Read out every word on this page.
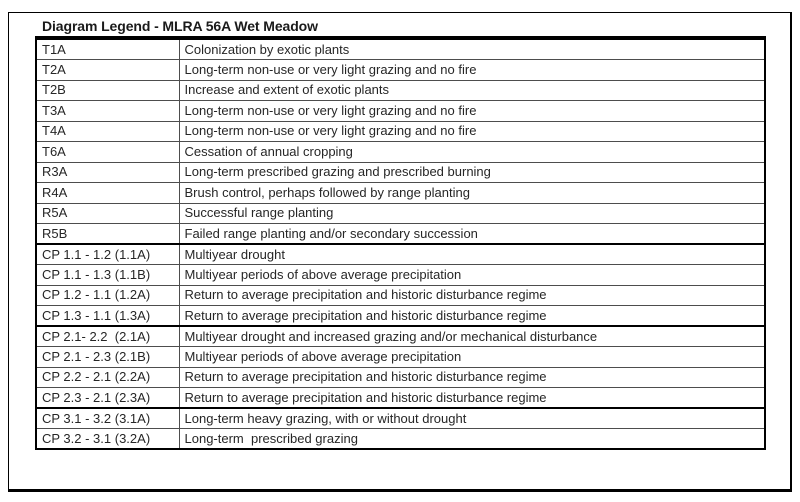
Diagram Legend - MLRA 56A Wet Meadow
T1A	Colonization by exotic plants
T2A	Long-term non-use or very light grazing and no fire
T2B	Increase and extent of exotic plants
T3A	Long-term non-use or very light grazing and no fire
T4A	Long-term non-use or very light grazing and no fire
T6A	Cessation of annual cropping
R3A	Long-term prescribed grazing and prescribed burning
R4A	Brush control, perhaps followed by range planting
R5A	Successful range planting
R5B	Failed range planting and/or secondary succession
CP 1.1 - 1.2 (1.1A)	Multiyear drought
CP 1.1 - 1.3 (1.1B)	Multiyear periods of above average precipitation
CP 1.2 - 1.1 (1.2A)	Return to average precipitation and historic disturbance regime
CP 1.3 - 1.1 (1.3A)	Return to average precipitation and historic disturbance regime
CP 2.1- 2.2  (2.1A)	Multiyear drought and increased grazing and/or mechanical disturbance
CP 2.1 - 2.3 (2.1B)	Multiyear periods of above average precipitation
CP 2.2 - 2.1 (2.2A)	Return to average precipitation and historic disturbance regime
CP 2.3 - 2.1 (2.3A)	Return to average precipitation and historic disturbance regime
CP 3.1 - 3.2 (3.1A)	Long-term heavy grazing, with or without drought
CP 3.2 - 3.1 (3.2A)	Long-term  prescribed grazing
